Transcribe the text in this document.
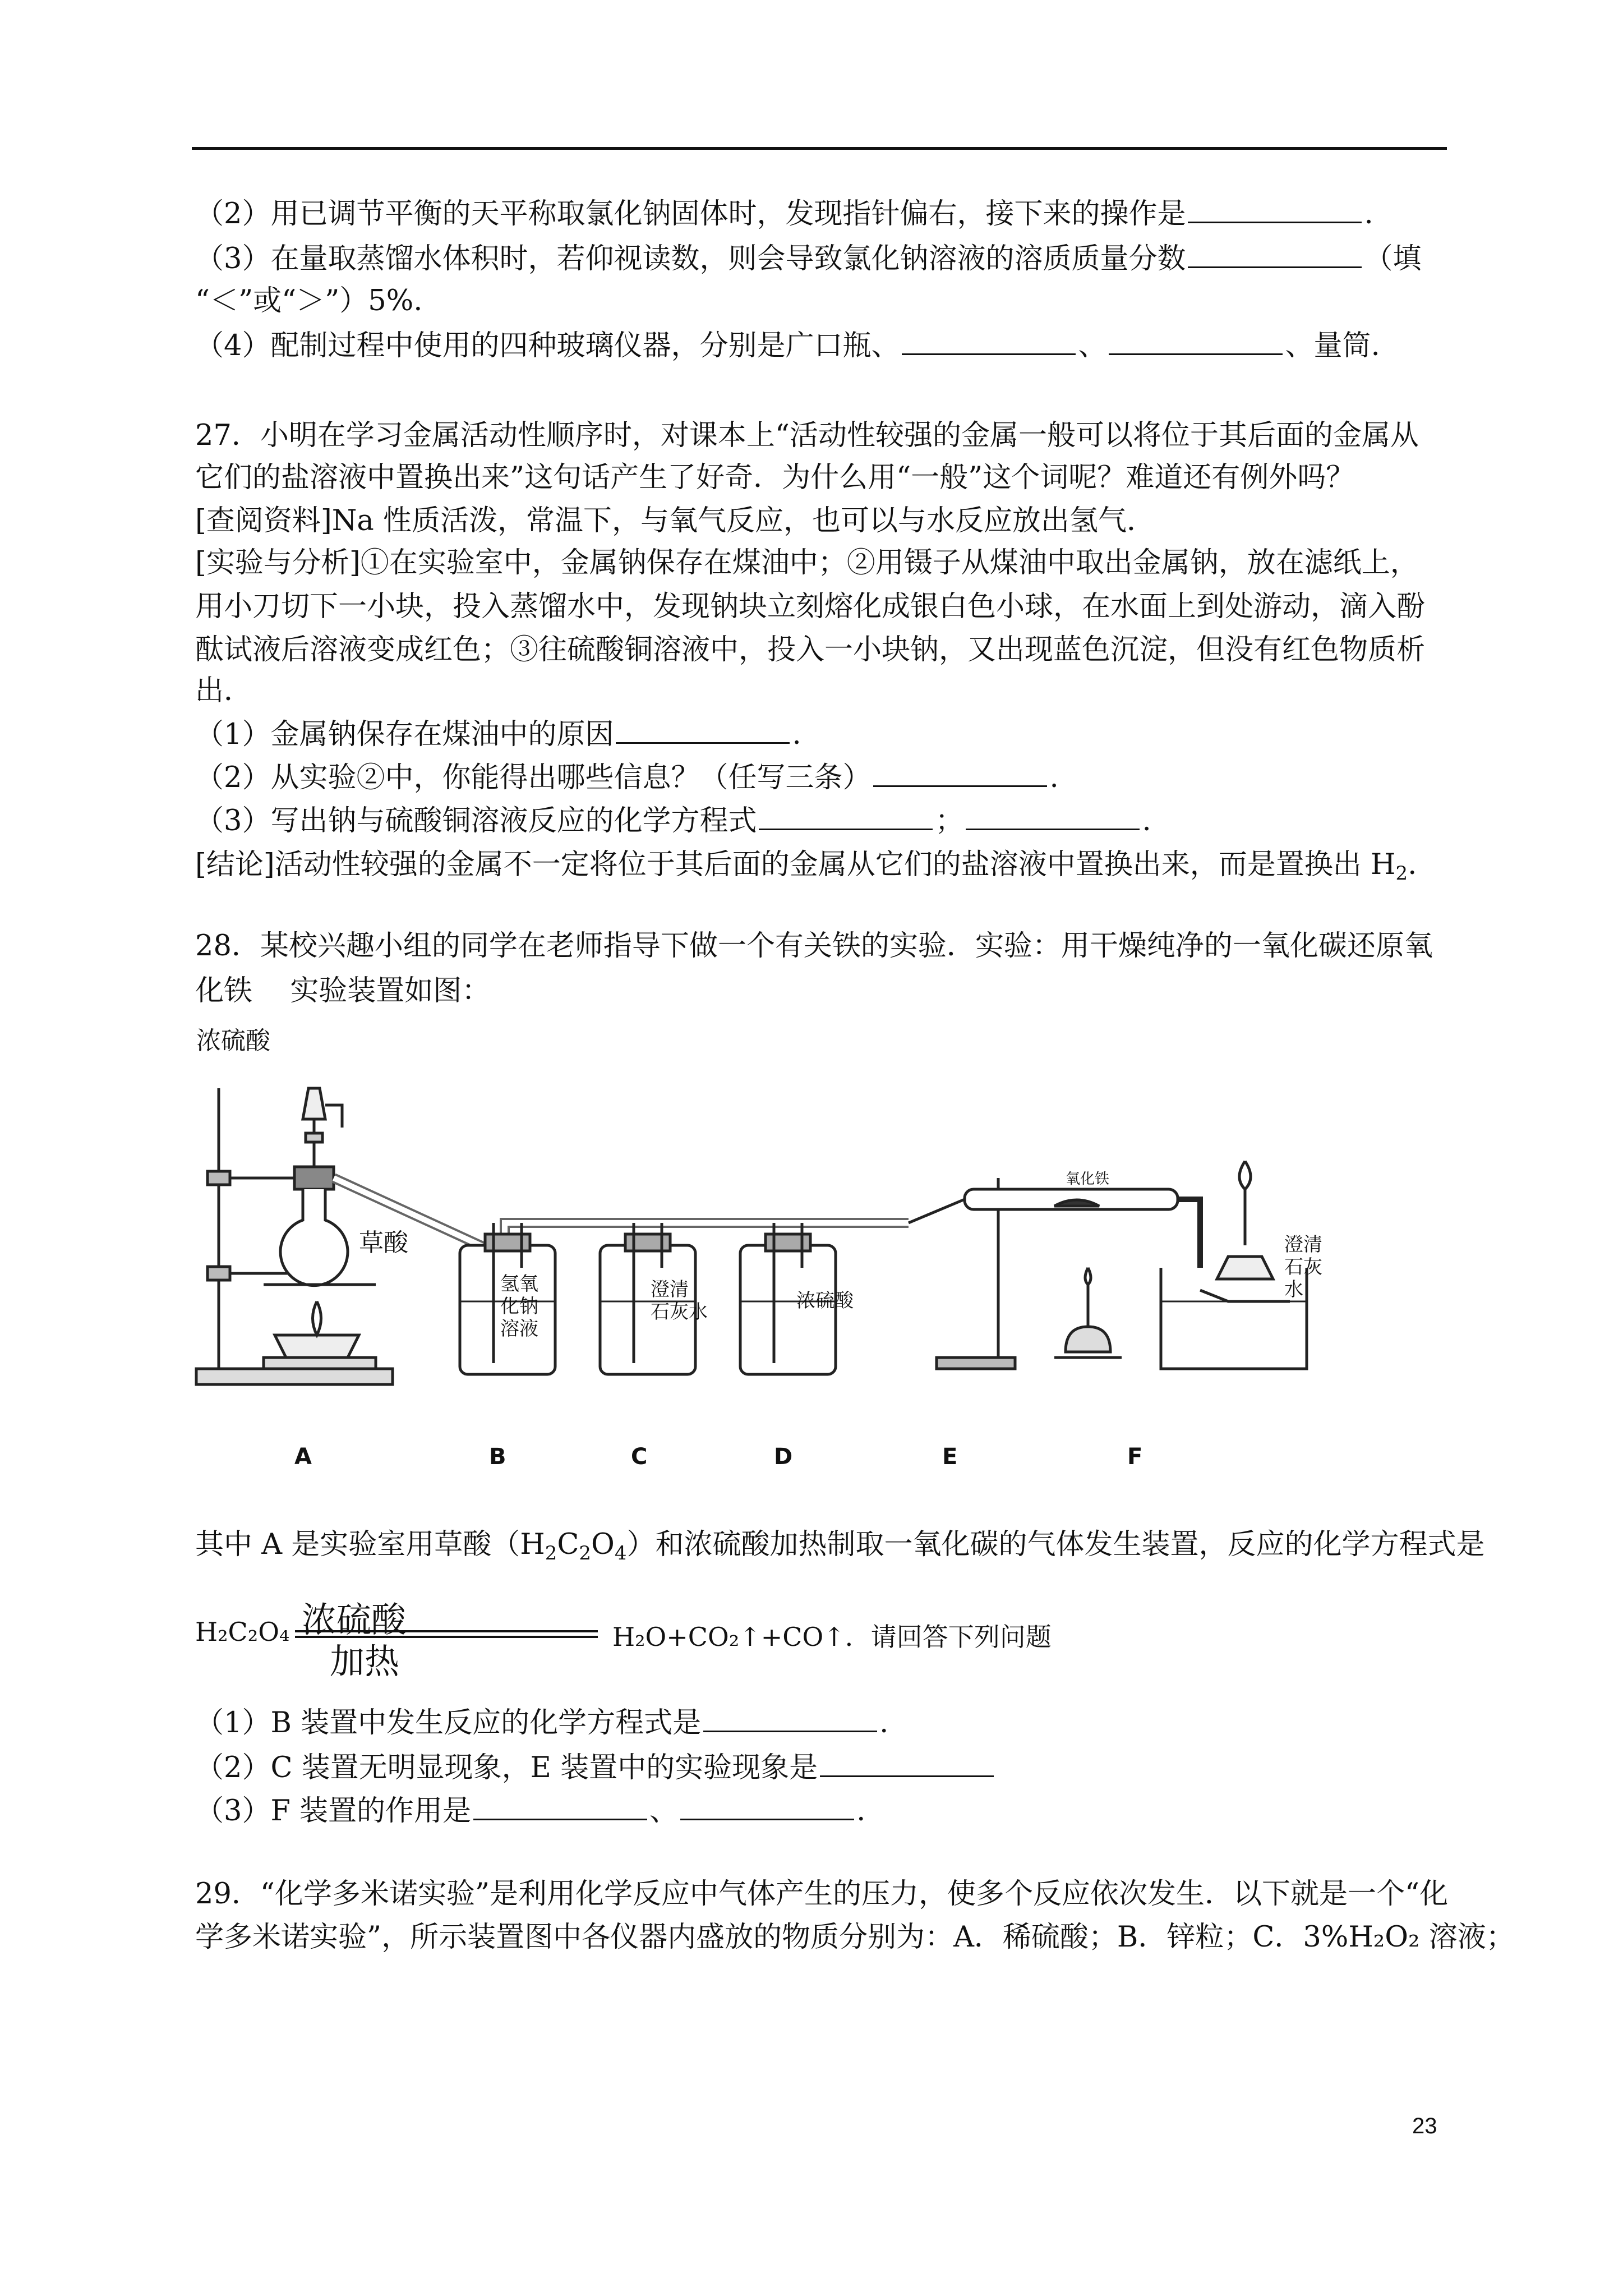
（2）用已调节平衡的天平称取氯化钠固体时，发现指针偏右，接下来的操作是	.
（3）在量取蒸馏水体积时，若仰视读数，则会导致氯化钠溶液的溶质质量分数	（填
“＜”或“＞”）5%.
（4）配制过程中使用的四种玻璃仪器，分别是广口瓶、	、	、量筒.
27．小明在学习金属活动性顺序时，对课本上“活动性较强的金属一般可以将位于其后面的金属从
它们的盐溶液中置换出来”这句话产生了好奇．为什么用“一般”这个词呢？难道还有例外吗？
[查阅资料]Na 性质活泼，常温下，与氧气反应，也可以与水反应放出氢气．
[实验与分析]①在实验室中，金属钠保存在煤油中；②用镊子从煤油中取出金属钠，放在滤纸上，
用小刀切下一小块，投入蒸馏水中，发现钠块立刻熔化成银白色小球，在水面上到处游动，滴入酚
酞试液后溶液变成红色；③往硫酸铜溶液中，投入一小块钠，又出现蓝色沉淀，但没有红色物质析
出．
（1）金属钠保存在煤油中的原因	.
（2）从实验②中，你能得出哪些信息？（任写三条）	.
（3）写出钠与硫酸铜溶液反应的化学方程式	；	.
[结论]活动性较强的金属不一定将位于其后面的金属从它们的盐溶液中置换出来，而是置换出 $H_2$.
28．某校兴趣小组的同学在老师指导下做一个有关铁的实验．实验：用干燥纯净的一氧化碳还原氧
化铁　 实验装置如图：
浓硫酸
草酸
氢氧
化钠
溶液
澄清
石灰水	浓硫酸
氧化铁
澄清
石灰
水
A	B	C	D	E	F
其中 A 是实验室用草酸$(H_2C_2O_4)$和浓硫酸加热制取一氧化碳的气体发生装置，反应的化学方程式是
H₂C₂O₄ 浓硫酸
加热
H₂O+CO₂↑+CO↑．请回答下列问题
（1）B 装置中发生反应的化学方程式是	.
（2）C 装置无明显现象，E 装置中的实验现象是
（3）F 装置的作用是	、	.
29．“化学多米诺实验”是利用化学反应中气体产生的压力，使多个反应依次发生．以下就是一个“化
学多米诺实验”，所示装置图中各仪器内盛放的物质分别为：A．稀硫酸；B．锌粒；C．3%H₂O₂ 溶液；
23
